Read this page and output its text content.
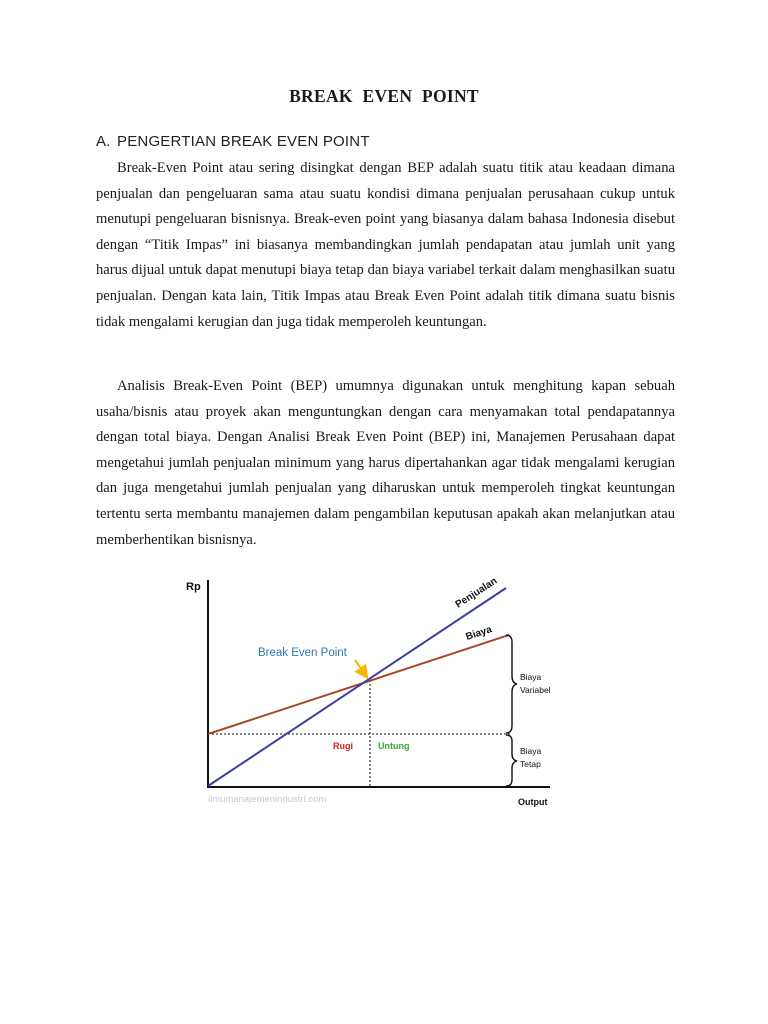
BREAK EVEN POINT
A. PENGERTIAN BREAK EVEN POINT

Break-Even Point atau sering disingkat dengan BEP adalah suatu titik atau keadaan dimana penjualan dan pengeluaran sama atau suatu kondisi dimana penjualan perusahaan cukup untuk menutupi pengeluaran bisnisnya. Break-even point yang biasanya dalam bahasa Indonesia disebut dengan “Titik Impas” ini biasanya membandingkan jumlah pendapatan atau jumlah unit yang harus dijual untuk dapat menutupi biaya tetap dan biaya variabel terkait dalam menghasilkan suatu penjualan. Dengan kata lain, Titik Impas atau Break Even Point adalah titik dimana suatu bisnis tidak mengalami kerugian dan juga tidak memperoleh keuntungan.

Analisis Break-Even Point (BEP) umumnya digunakan untuk menghitung kapan sebuah usaha/bisnis atau proyek akan menguntungkan dengan cara menyamakan total pendapatannya dengan total biaya. Dengan Analisi Break Even Point (BEP) ini, Manajemen Perusahaan dapat mengetahui jumlah penjualan minimum yang harus dipertahankan agar tidak mengalami kerugian dan juga mengetahui jumlah penjualan yang diharuskan untuk memperoleh tingkat keuntungan tertentu serta membantu manajemen dalam pengambilan keputusan apakah akan melanjutkan atau memberhentikan bisnisnya.

Rp
Output
Penjualan
Biaya
Break Even Point
Rugi	Untung
Biaya
Variabel
Biaya
Tetap
ilmumanajemenindustri.com
